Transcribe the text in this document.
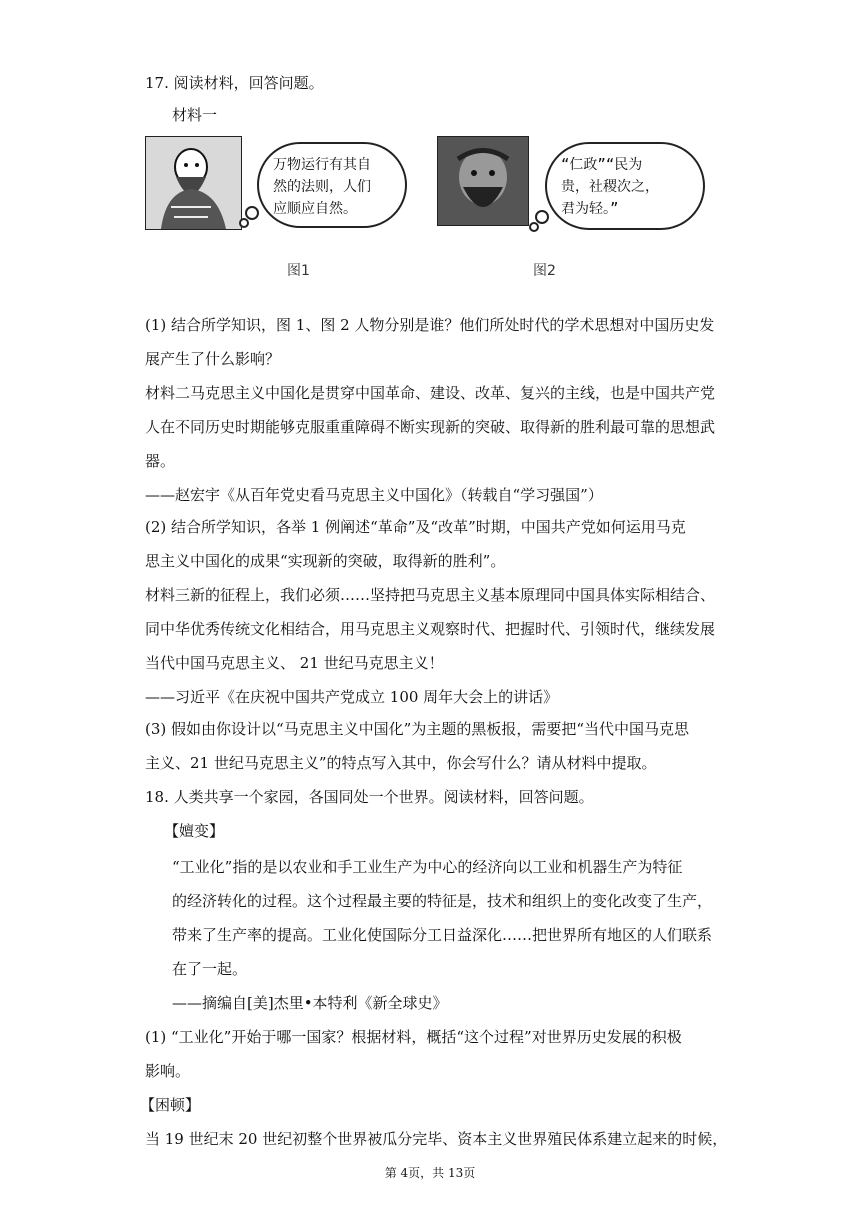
17. 阅读材料，回答问题。
材料一
万物运行有其自
然的法则，人们
应顺应自然。
“仁政”“民为
贵，社稷次之，
君为轻。”
图1	图2
(1) 结合所学知识，图 1、图 2 人物分别是谁？他们所处时代的学术思想对中国历史发
展产生了什么影响？
材料二马克思主义中国化是贯穿中国革命、建设、改革、复兴的主线，也是中国共产党
人在不同历史时期能够克服重重障碍不断实现新的突破、取得新的胜利最可靠的思想武
器。
——赵宏宇《从百年党史看马克思主义中国化》（转载自“学习强国”）
(2) 结合所学知识，各举 1 例阐述“革命”及“改革”时期，中国共产党如何运用马克
思主义中国化的成果“实现新的突破，取得新的胜利”。
材料三新的征程上，我们必须……坚持把马克思主义基本原理同中国具体实际相结合、
同中华优秀传统文化相结合，用马克思主义观察时代、把握时代、引领时代，继续发展
当代中国马克思主义、 21 世纪马克思主义！
——习近平《在庆祝中国共产党成立 100 周年大会上的讲话》
(3) 假如由你设计以“马克思主义中国化”为主题的黑板报，需要把“当代中国马克思
主义、21 世纪马克思主义”的特点写入其中，你会写什么？请从材料中提取。
18. 人类共享一个家园，各国同处一个世界。阅读材料，回答问题。
【嬗变】
“工业化”指的是以农业和手工业生产为中心的经济向以工业和机器生产为特征
的经济转化的过程。这个过程最主要的特征是，技术和组织上的变化改变了生产，
带来了生产率的提高。工业化使国际分工日益深化……把世界所有地区的人们联系
在了一起。
——摘编自[美]杰里•本特利《新全球史》
(1) “工业化”开始于哪一国家？根据材料，概括“这个过程”对世界历史发展的积极
影响。
【困顿】
当 19 世纪末 20 世纪初整个世界被瓜分完毕、资本主义世界殖民体系建立起来的时候，
第 4页，共 13页
